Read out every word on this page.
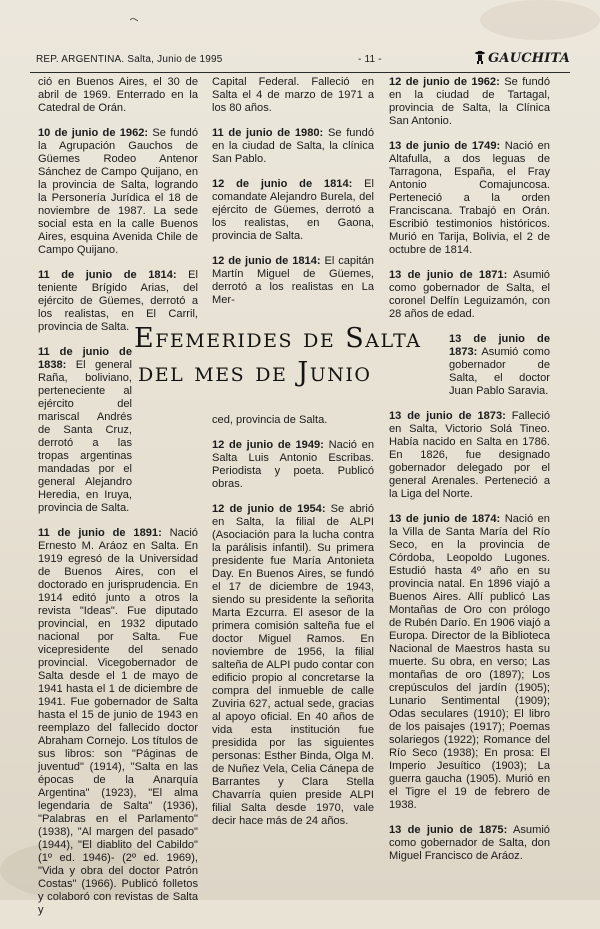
REP. ARGENTINA. Salta, Junio de 1995	- 11 -	GAUCHITA

ció en Buenos Aires, el 30 de abril de 1969. Enterrado en la Catedral de Orán.

10 de junio de 1962: Se fundó la Agrupación Gauchos de Güemes Rodeo Antenor Sánchez de Campo Quijano, en la provincia de Salta, logrando la Personería Jurídica el 18 de noviembre de 1987. La sede social esta en la calle Buenos Aires, esquina Avenida Chile de Campo Quijano.

11 de junio de 1814: El teniente Brígido Arias, del ejército de Güemes, derrotó a los realistas, en El Carril, provincia de Salta.

11 de junio de 1838: El general Raña, boliviano, perteneciente al ejército del mariscal Andrés de Santa Cruz, derrotó a las tropas argentinas mandadas por el general Alejandro Heredia, en Iruya, provincia de Salta.

11 de junio de 1891: Nació Ernesto M. Aráoz en Salta. En 1919 egresó de la Universidad de Buenos Aires, con el doctorado en jurisprudencia. En 1914 editó junto a otros la revista "Ideas". Fue diputado provincial, en 1932 diputado nacional por Salta. Fue vicepresidente del senado provincial. Vicegobernador de Salta desde el 1 de mayo de 1941 hasta el 1 de diciembre de 1941. Fue gobernador de Salta hasta el 15 de junio de 1943 en reemplazo del fallecido doctor Abraham Cornejo. Los títulos de sus libros: son "Páginas de juventud" (1914), "Salta en las épocas de la Anarquía Argentina" (1923), "El alma legendaria de Salta" (1936), "Palabras en el Parlamento" (1938), "Al margen del pasado" (1944), "El diablito del Cabildo" (1º ed. 1946)- (2º ed. 1969), "Vida y obra del doctor Patrón Costas" (1966). Publicó folletos y colaboró con revistas de Salta y

Capital Federal. Falleció en Salta el 4 de marzo de 1971 a los 80 años.

11 de junio de 1980: Se fundó en la ciudad de Salta, la clínica San Pablo.

12 de junio de 1814: El comandate Alejandro Burela, del ejército de Güemes, derrotó a los realistas, en Gaona, provincia de Salta.

12 de junio de 1814: El capitán Martín Miguel de Güemes, derrotó a los realistas en La Mer-

Efemerides de Salta
del mes de Junio

ced, provincia de Salta.

12 de junio de 1949: Nació en Salta Luis Antonio Escribas. Periodista y poeta. Publicó obras.

12 de junio de 1954: Se abrió en Salta, la filial de ALPI (Asociación para la lucha contra la parálisis infantil). Su primera presidente fue María Antonieta Day. En Buenos Aires, se fundó el 17 de diciembre de 1943, siendo su presidente la señorita Marta Ezcurra. El asesor de la primera comisión salteña fue el doctor Miguel Ramos. En noviembre de 1956, la filial salteña de ALPI pudo contar con edificio propio al concretarse la compra del inmueble de calle Zuviria 627, actual sede, gracias al apoyo oficial. En 40 años de vida esta institución fue presidida por las siguientes personas: Esther Binda, Olga M. de Nuñez Vela, Celia Cánepa de Barrantes y Clara Stella Chavarría quien preside ALPI filial Salta desde 1970, vale decir hace más de 24 años.

12 de junio de 1962: Se fundó en la ciudad de Tartagal, provincia de Salta, la Clínica San Antonio.

13 de junio de 1749: Nació en Altafulla, a dos leguas de Tarragona, España, el Fray Antonio Comajuncosa. Perteneció a la orden Franciscana. Trabajó en Orán. Escribió testimonios históricos. Murió en Tarija, Bolivia, el 2 de octubre de 1814.

13 de junio de 1871: Asumió como gobernador de Salta, el coronel Delfín Leguizamón, con 28 años de edad.

13 de junio de 1873: Asumió como gobernador de Salta, el doctor Juan Pablo Saravia.

13 de junio de 1873: Falleció en Salta, Victorio Solá Tineo. Había nacido en Salta en 1786. En 1826, fue designado gobernador delegado por el general Arenales. Perteneció a la Liga del Norte.

13 de junio de 1874: Nació en la Villa de Santa María del Río Seco, en la provincia de Córdoba, Leopoldo Lugones. Estudió hasta 4º año en su provincia natal. En 1896 viajó a Buenos Aires. Allí publicó Las Montañas de Oro con prólogo de Rubén Darío. En 1906 viajó a Europa. Director de la Biblioteca Nacional de Maestros hasta su muerte. Su obra, en verso; Las montañas de oro (1897); Los crepúsculos del jardín (1905); Lunario Sentimental (1909); Odas seculares (1910); El libro de los paisajes (1917); Poemas solariegos (1922); Romance del Río Seco (1938); En prosa: El Imperio Jesuítico (1903); La guerra gaucha (1905). Murió en el Tigre el 19 de febrero de 1938.

13 de junio de 1875: Asumió como gobernador de Salta, don Miguel Francisco de Aráoz.
